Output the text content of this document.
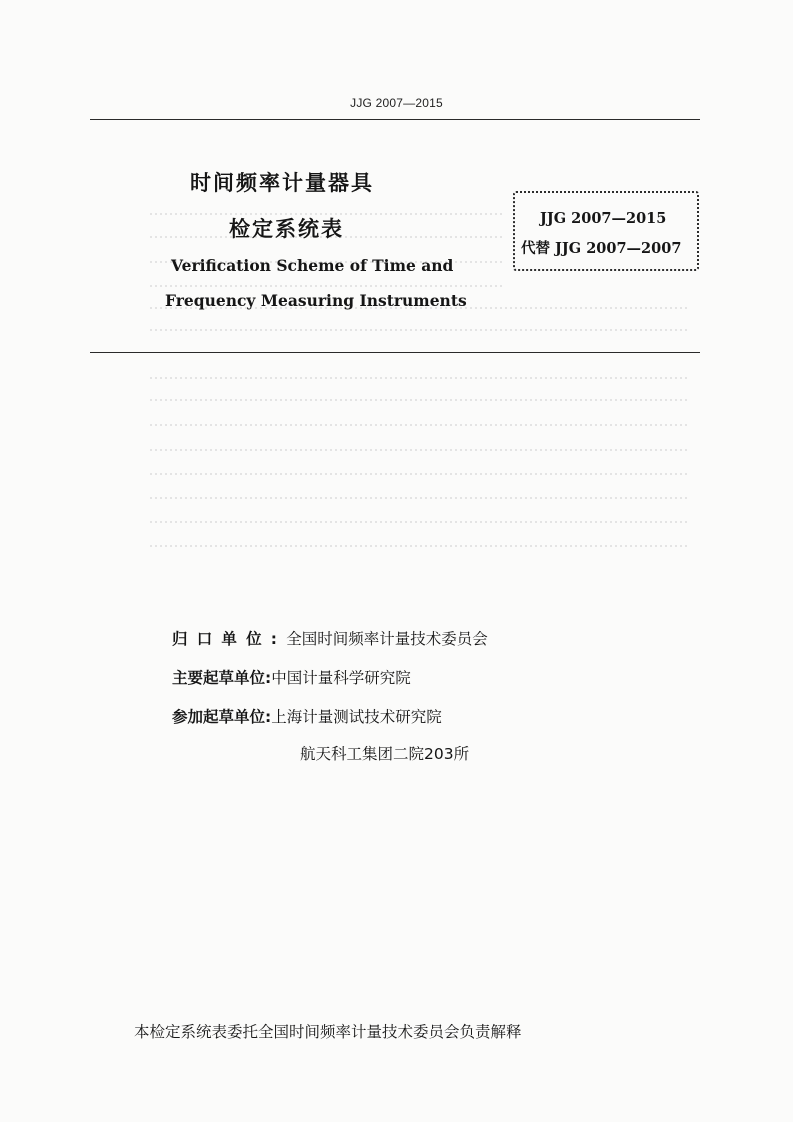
JJG 2007—2015
时间频率计量器具
检定系统表
Verification Scheme of Time and
Frequency Measuring Instruments
JJG 2007—2015
代替 JJG 2007—2007
归口单位:全国时间频率计量技术委员会
主要起草单位:中国计量科学研究院
参加起草单位:上海计量测试技术研究院
航天科工集团二院203所
本检定系统表委托全国时间频率计量技术委员会负责解释
